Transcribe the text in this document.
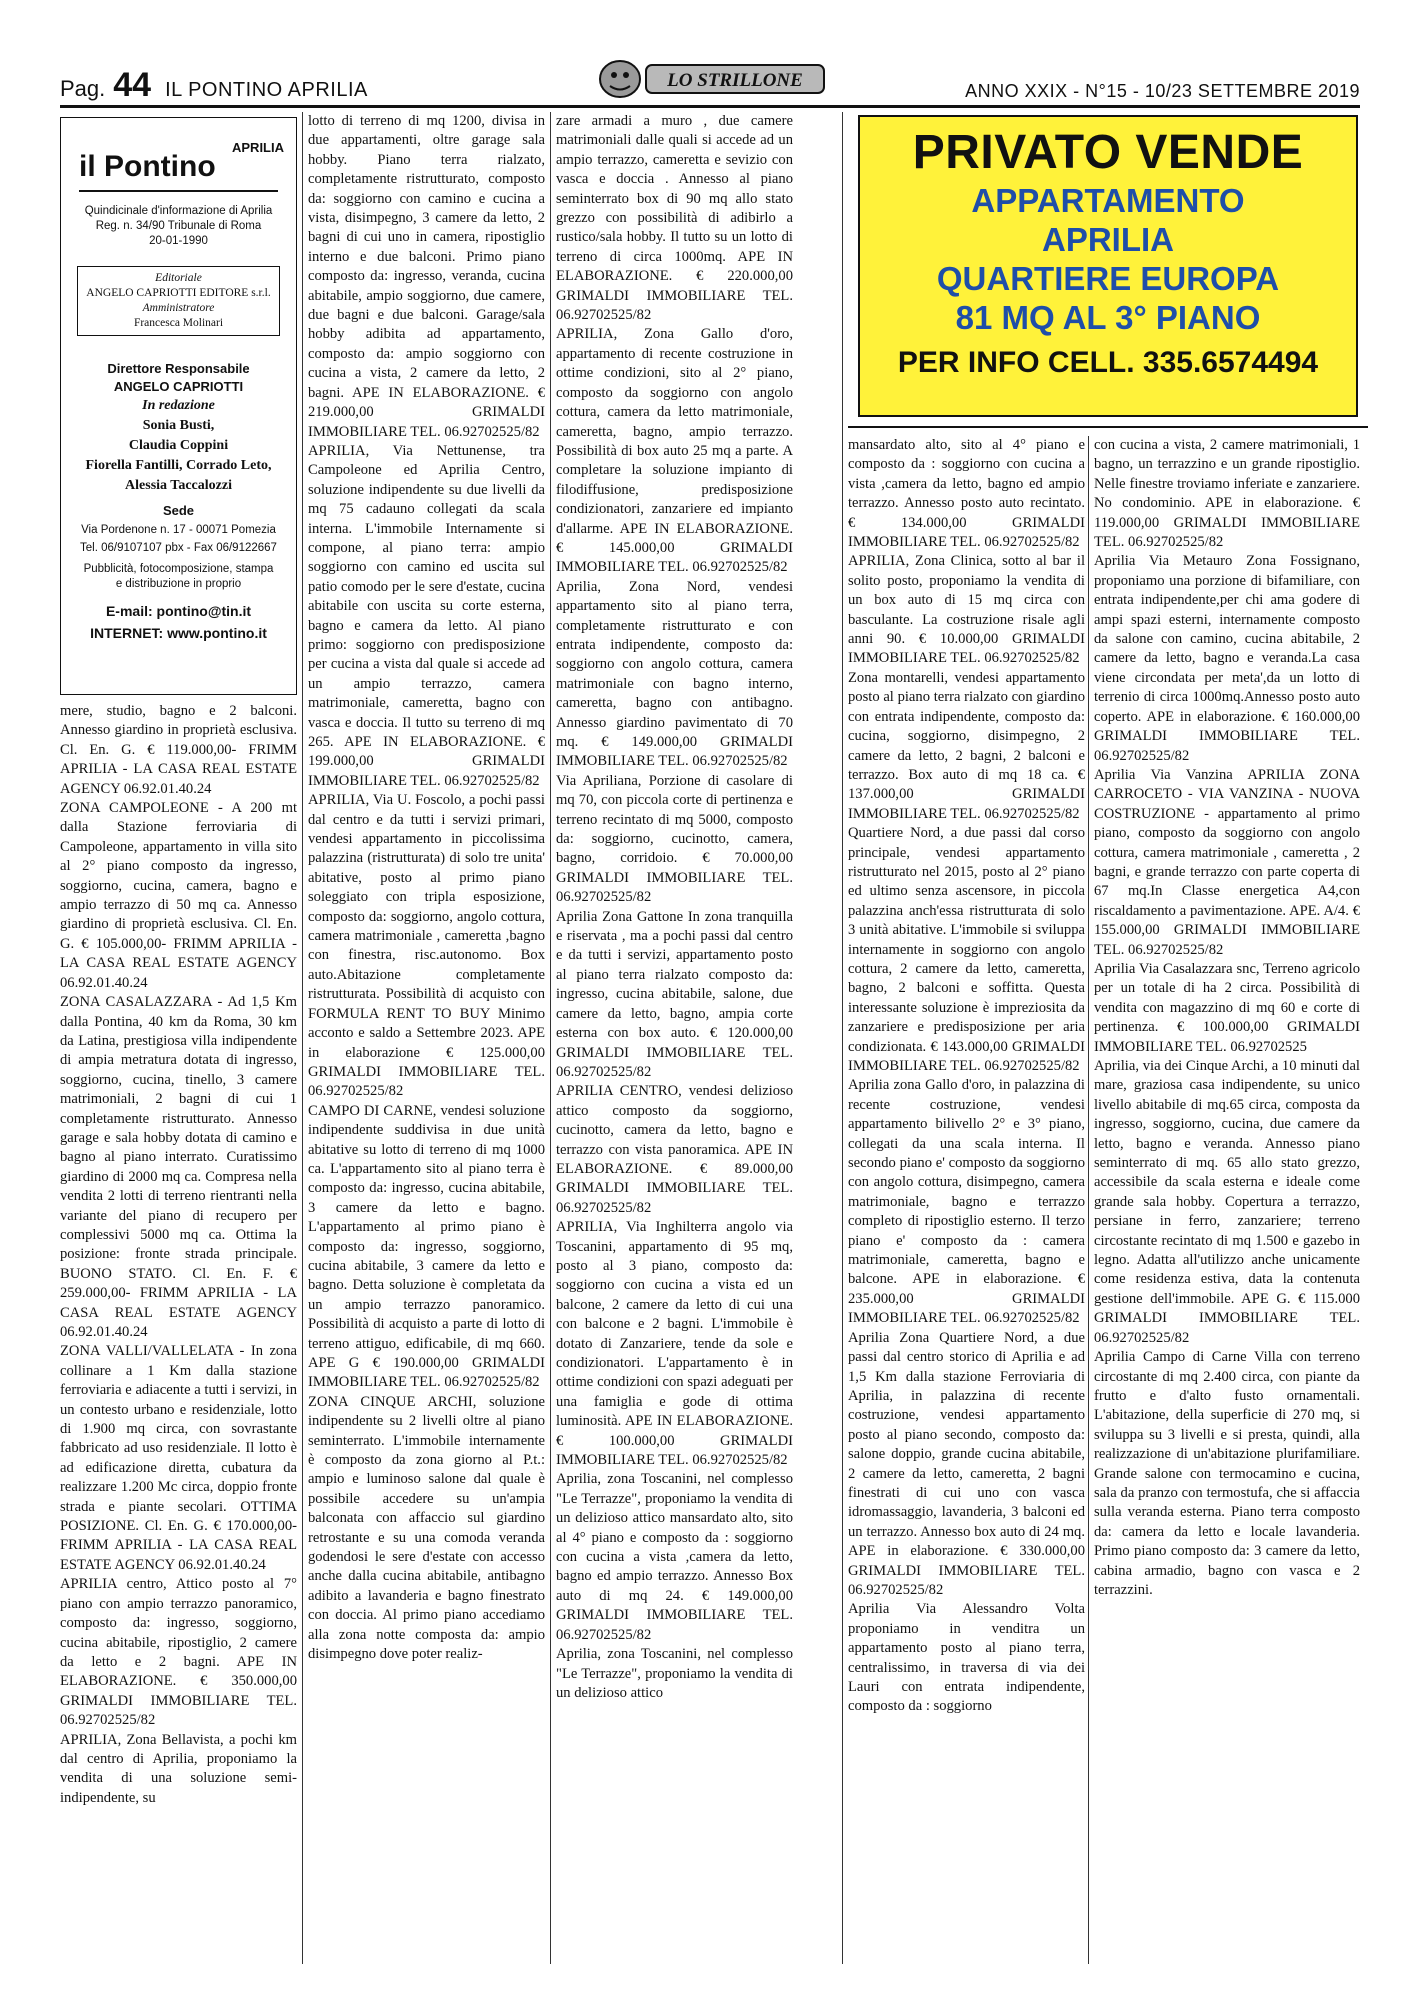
Pag. 44 IL PONTINO APRILIA	LO STRILLONE	ANNO XXIX - N°15 - 10/23 SETTEMBRE 2019
APRILIA
il Pontino
Quindicinale d'informazione di Aprilia
Reg. n. 34/90 Tribunale di Roma
20-01-1990
Editoriale
ANGELO CAPRIOTTI EDITORE s.r.l.
Amministratore
Francesca Molinari
Direttore Responsabile
ANGELO CAPRIOTTI
In redazione
Sonia Busti,
Claudia Coppini
Fiorella Fantilli, Corrado Leto,
Alessia Taccalozzi
Sede
Via Pordenone n. 17 - 00071 Pomezia
Tel. 06/9107107 pbx - Fax 06/9122667
Pubblicità, fotocomposizione, stampa
e distribuzione in proprio
E-mail: pontino@tin.it
INTERNET: www.pontino.it
PRIVATO VENDE
APPARTAMENTO
APRILIA
QUARTIERE EUROPA
81 MQ AL 3° PIANO
PER INFO CELL. 335.6574494

mere, studio, bagno e 2 balconi. Annesso giardino in proprietà esclusiva. Cl. En. G. € 119.000,00- FRIMM APRILIA - LA CASA REAL ESTATE AGENCY 06.92.01.40.24

ZONA CAMPOLEONE - A 200 mt dalla Stazione ferroviaria di Campoleone, appartamento in villa sito al 2° piano composto da ingresso, soggiorno, cucina, camera, bagno e ampio terrazzo di 50 mq ca. Annesso giardino di proprietà esclusiva. Cl. En. G. € 105.000,00- FRIMM APRILIA - LA CASA REAL ESTATE AGENCY 06.92.01.40.24

ZONA CASALAZZARA - Ad 1,5 Km dalla Pontina, 40 km da Roma, 30 km da Latina, prestigiosa villa indipendente di ampia metratura dotata di ingresso, soggiorno, cucina, tinello, 3 camere matrimoniali, 2 bagni di cui 1 completamente ristrutturato. Annesso garage e sala hobby dotata di camino e bagno al piano interrato. Curatissimo giardino di 2000 mq ca. Compresa nella vendita 2 lotti di terreno rientranti nella variante del piano di recupero per complessivi 5000 mq ca. Ottima la posizione: fronte strada principale. BUONO STATO. Cl. En. F. € 259.000,00- FRIMM APRILIA - LA CASA REAL ESTATE AGENCY 06.92.01.40.24

ZONA VALLI/VALLELATA - In zona collinare a 1 Km dalla stazione ferroviaria e adiacente a tutti i servizi, in un contesto urbano e residenziale, lotto di 1.900 mq circa, con sovrastante fabbricato ad uso residenziale. Il lotto è ad edificazione diretta, cubatura da realizzare 1.200 Mc circa, doppio fronte strada e piante secolari. OTTIMA POSIZIONE. Cl. En. G. € 170.000,00- FRIMM APRILIA - LA CASA REAL ESTATE AGENCY 06.92.01.40.24

APRILIA centro, Attico posto al 7° piano con ampio terrazzo panoramico, composto da: ingresso, soggiorno, cucina abitabile, ripostiglio, 2 camere da letto e 2 bagni. APE IN ELABORAZIONE. € 350.000,00 GRIMALDI IMMOBILIARE TEL. 06.92702525/82

APRILIA, Zona Bellavista, a pochi km dal centro di Aprilia, proponiamo la vendita di una soluzione semi-indipendente, su

lotto di terreno di mq 1200, divisa in due appartamenti, oltre garage sala hobby. Piano terra rialzato, completamente ristrutturato, composto da: soggiorno con camino e cucina a vista, disimpegno, 3 camere da letto, 2 bagni di cui uno in camera, ripostiglio interno e due balconi. Primo piano composto da: ingresso, veranda, cucina abitabile, ampio soggiorno, due camere, due bagni e due balconi. Garage/sala hobby adibita ad appartamento, composto da: ampio soggiorno con cucina a vista, 2 camere da letto, 2 bagni. APE IN ELABORAZIONE. € 219.000,00 GRIMALDI IMMOBILIARE TEL. 06.92702525/82

APRILIA, Via Nettunense, tra Campoleone ed Aprilia Centro, soluzione indipendente su due livelli da mq 75 cadauno collegati da scala interna. L'immobile Internamente si compone, al piano terra: ampio soggiorno con camino ed uscita sul patio comodo per le sere d'estate, cucina abitabile con uscita su corte esterna, bagno e camera da letto. Al piano primo: soggiorno con predisposizione per cucina a vista dal quale si accede ad un ampio terrazzo, camera matrimoniale, cameretta, bagno con vasca e doccia. Il tutto su terreno di mq 265. APE IN ELABORAZIONE. € 199.000,00 GRIMALDI IMMOBILIARE TEL. 06.92702525/82

APRILIA, Via U. Foscolo, a pochi passi dal centro e da tutti i servizi primari, vendesi appartamento in piccolissima palazzina (ristrutturata) di solo tre unita' abitative, posto al primo piano soleggiato con tripla esposizione, composto da: soggiorno, angolo cottura, camera matrimoniale , cameretta ,bagno con finestra, risc.autonomo. Box auto.Abitazione completamente ristrutturata. Possibilità di acquisto con FORMULA RENT TO BUY Minimo acconto e saldo a Settembre 2023. APE in elaborazione € 125.000,00 GRIMALDI IMMOBILIARE TEL. 06.92702525/82

CAMPO DI CARNE, vendesi soluzione indipendente suddivisa in due unità abitative su lotto di terreno di mq 1000 ca. L'appartamento sito al piano terra è composto da: ingresso, cucina abitabile, 3 camere da letto e bagno. L'appartamento al primo piano è composto da: ingresso, soggiorno, cucina abitabile, 3 camere da letto e bagno. Detta soluzione è completata da un ampio terrazzo panoramico. Possibilità di acquisto a parte di lotto di terreno attiguo, edificabile, di mq 660. APE G € 190.000,00 GRIMALDI IMMOBILIARE TEL. 06.92702525/82

ZONA CINQUE ARCHI, soluzione indipendente su 2 livelli oltre al piano seminterrato. L'immobile internamente è composto da zona giorno al P.t.: ampio e luminoso salone dal quale è possibile accedere su un'ampia balconata con affaccio sul giardino retrostante e su una comoda veranda godendosi le sere d'estate con accesso anche dalla cucina abitabile, antibagno adibito a lavanderia e bagno finestrato con doccia. Al primo piano accediamo alla zona notte composta da: ampio disimpegno dove poter realiz-

zare armadi a muro , due camere matrimoniali dalle quali si accede ad un ampio terrazzo, cameretta e sevizio con vasca e doccia . Annesso al piano seminterrato box di 90 mq allo stato grezzo con possibilità di adibirlo a rustico/sala hobby. Il tutto su un lotto di terreno di circa 1000mq. APE IN ELABORAZIONE. € 220.000,00 GRIMALDI IMMOBILIARE TEL. 06.92702525/82

APRILIA, Zona Gallo d'oro, appartamento di recente costruzione in ottime condizioni, sito al 2° piano, composto da soggiorno con angolo cottura, camera da letto matrimoniale, cameretta, bagno, ampio terrazzo. Possibilità di box auto 25 mq a parte. A completare la soluzione impianto di filodiffusione, predisposizione condizionatori, zanzariere ed impianto d'allarme. APE IN ELABORAZIONE. € 145.000,00 GRIMALDI IMMOBILIARE TEL. 06.92702525/82

Aprilia, Zona Nord, vendesi appartamento sito al piano terra, completamente ristrutturato e con entrata indipendente, composto da: soggiorno con angolo cottura, camera matrimoniale con bagno interno, cameretta, bagno con antibagno. Annesso giardino pavimentato di 70 mq. € 149.000,00 GRIMALDI IMMOBILIARE TEL. 06.92702525/82

Via Apriliana, Porzione di casolare di mq 70, con piccola corte di pertinenza e terreno recintato di mq 5000, composto da: soggiorno, cucinotto, camera, bagno, corridoio. € 70.000,00 GRIMALDI IMMOBILIARE TEL. 06.92702525/82

Aprilia Zona Gattone In zona tranquilla e riservata , ma a pochi passi dal centro e da tutti i servizi, appartamento posto al piano terra rialzato composto da: ingresso, cucina abitabile, salone, due camere da letto, bagno, ampia corte esterna con box auto. € 120.000,00 GRIMALDI IMMOBILIARE TEL. 06.92702525/82

APRILIA CENTRO, vendesi delizioso attico composto da soggiorno, cucinotto, camera da letto, bagno e terrazzo con vista panoramica. APE IN ELABORAZIONE. € 89.000,00 GRIMALDI IMMOBILIARE TEL. 06.92702525/82

APRILIA, Via Inghilterra angolo via Toscanini, appartamento di 95 mq, posto al 3 piano, composto da: soggiorno con cucina a vista ed un balcone, 2 camere da letto di cui una con balcone e 2 bagni. L'immobile è dotato di Zanzariere, tende da sole e condizionatori. L'appartamento è in ottime condizioni con spazi adeguati per una famiglia e gode di ottima luminosità. APE IN ELABORAZIONE. € 100.000,00 GRIMALDI IMMOBILIARE TEL. 06.92702525/82

Aprilia, zona Toscanini, nel complesso "Le Terrazze", proponiamo la vendita di un delizioso attico mansardato alto, sito al 4° piano e composto da : soggiorno con cucina a vista ,camera da letto, bagno ed ampio terrazzo. Annesso Box auto di mq 24. € 149.000,00 GRIMALDI IMMOBILIARE TEL. 06.92702525/82

Aprilia, zona Toscanini, nel complesso "Le Terrazze", proponiamo la vendita di un delizioso attico

mansardato alto, sito al 4° piano e composto da : soggiorno con cucina a vista ,camera da letto, bagno ed ampio terrazzo. Annesso posto auto recintato. € 134.000,00 GRIMALDI IMMOBILIARE TEL. 06.92702525/82

APRILIA, Zona Clinica, sotto al bar il solito posto, proponiamo la vendita di un box auto di 15 mq circa con basculante. La costruzione risale agli anni 90. € 10.000,00 GRIMALDI IMMOBILIARE TEL. 06.92702525/82

Zona montarelli, vendesi appartamento posto al piano terra rialzato con giardino con entrata indipendente, composto da: cucina, soggiorno, disimpegno, 2 camere da letto, 2 bagni, 2 balconi e terrazzo. Box auto di mq 18 ca. € 137.000,00 GRIMALDI IMMOBILIARE TEL. 06.92702525/82

Quartiere Nord, a due passi dal corso principale, vendesi appartamento ristrutturato nel 2015, posto al 2° piano ed ultimo senza ascensore, in piccola palazzina anch'essa ristrutturata di solo 3 unità abitative. L'immobile si sviluppa internamente in soggiorno con angolo cottura, 2 camere da letto, cameretta, bagno, 2 balconi e soffitta. Questa interessante soluzione è impreziosita da zanzariere e predisposizione per aria condizionata. € 143.000,00 GRIMALDI IMMOBILIARE TEL. 06.92702525/82

Aprilia zona Gallo d'oro, in palazzina di recente costruzione, vendesi appartamento bilivello 2° e 3° piano, collegati da una scala interna. Il secondo piano e' composto da soggiorno con angolo cottura, disimpegno, camera matrimoniale, bagno e terrazzo completo di ripostiglio esterno. Il terzo piano e' composto da : camera matrimoniale, cameretta, bagno e balcone. APE in elaborazione. € 235.000,00 GRIMALDI IMMOBILIARE TEL. 06.92702525/82

Aprilia Zona Quartiere Nord, a due passi dal centro storico di Aprilia e ad 1,5 Km dalla stazione Ferroviaria di Aprilia, in palazzina di recente costruzione, vendesi appartamento posto al piano secondo, composto da: salone doppio, grande cucina abitabile, 2 camere da letto, cameretta, 2 bagni finestrati di cui uno con vasca idromassaggio, lavanderia, 3 balconi ed un terrazzo. Annesso box auto di 24 mq. APE in elaborazione. € 330.000,00 GRIMALDI IMMOBILIARE TEL. 06.92702525/82

Aprilia Via Alessandro Volta proponiamo in venditra un appartamento posto al piano terra, centralissimo, in traversa di via dei Lauri con entrata indipendente, composto da : soggiorno

con cucina a vista, 2 camere matrimoniali, 1 bagno, un terrazzino e un grande ripostiglio. Nelle finestre troviamo inferiate e zanzariere. No condominio. APE in elaborazione. € 119.000,00 GRIMALDI IMMOBILIARE TEL. 06.92702525/82

Aprilia Via Metauro Zona Fossignano, proponiamo una porzione di bifamiliare, con entrata indipendente,per chi ama godere di ampi spazi esterni, internamente composto da salone con camino, cucina abitabile, 2 camere da letto, bagno e veranda.La casa viene circondata per meta',da un lotto di terrenio di circa 1000mq.Annesso posto auto coperto. APE in elaborazione. € 160.000,00 GRIMALDI IMMOBILIARE TEL. 06.92702525/82

Aprilia Via Vanzina APRILIA ZONA CARROCETO - VIA VANZINA - NUOVA COSTRUZIONE - appartamento al primo piano, composto da soggiorno con angolo cottura, camera matrimoniale , cameretta , 2 bagni, e grande terrazzo con parte coperta di 67 mq.In Classe energetica A4,con riscaldamento a pavimentazione. APE. A/4. € 155.000,00 GRIMALDI IMMOBILIARE TEL. 06.92702525/82

Aprilia Via Casalazzara snc, Terreno agricolo per un totale di ha 2 circa. Possibilità di vendita con magazzino di mq 60 e corte di pertinenza. € 100.000,00 GRIMALDI IMMOBILIARE TEL. 06.92702525

Aprilia, via dei Cinque Archi, a 10 minuti dal mare, graziosa casa indipendente, su unico livello abitabile di mq.65 circa, composta da ingresso, soggiorno, cucina, due camere da letto, bagno e veranda. Annesso piano seminterrato di mq. 65 allo stato grezzo, accessibile da scala esterna e ideale come grande sala hobby. Copertura a terrazzo, persiane in ferro, zanzariere; terreno circostante recintato di mq 1.500 e gazebo in legno. Adatta all'utilizzo anche unicamente come residenza estiva, data la contenuta gestione dell'immobile. APE G. € 115.000 GRIMALDI IMMOBILIARE TEL. 06.92702525/82

Aprilia Campo di Carne Villa con terreno circostante di mq 2.400 circa, con piante da frutto e d'alto fusto ornamentali. L'abitazione, della superficie di 270 mq, si sviluppa su 3 livelli e si presta, quindi, alla realizzazione di un'abitazione plurifamiliare. Grande salone con termocamino e cucina, sala da pranzo con termostufa, che si affaccia sulla veranda esterna. Piano terra composto da: camera da letto e locale lavanderia. Primo piano composto da: 3 camere da letto, cabina armadio, bagno con vasca e 2 terrazzini.
